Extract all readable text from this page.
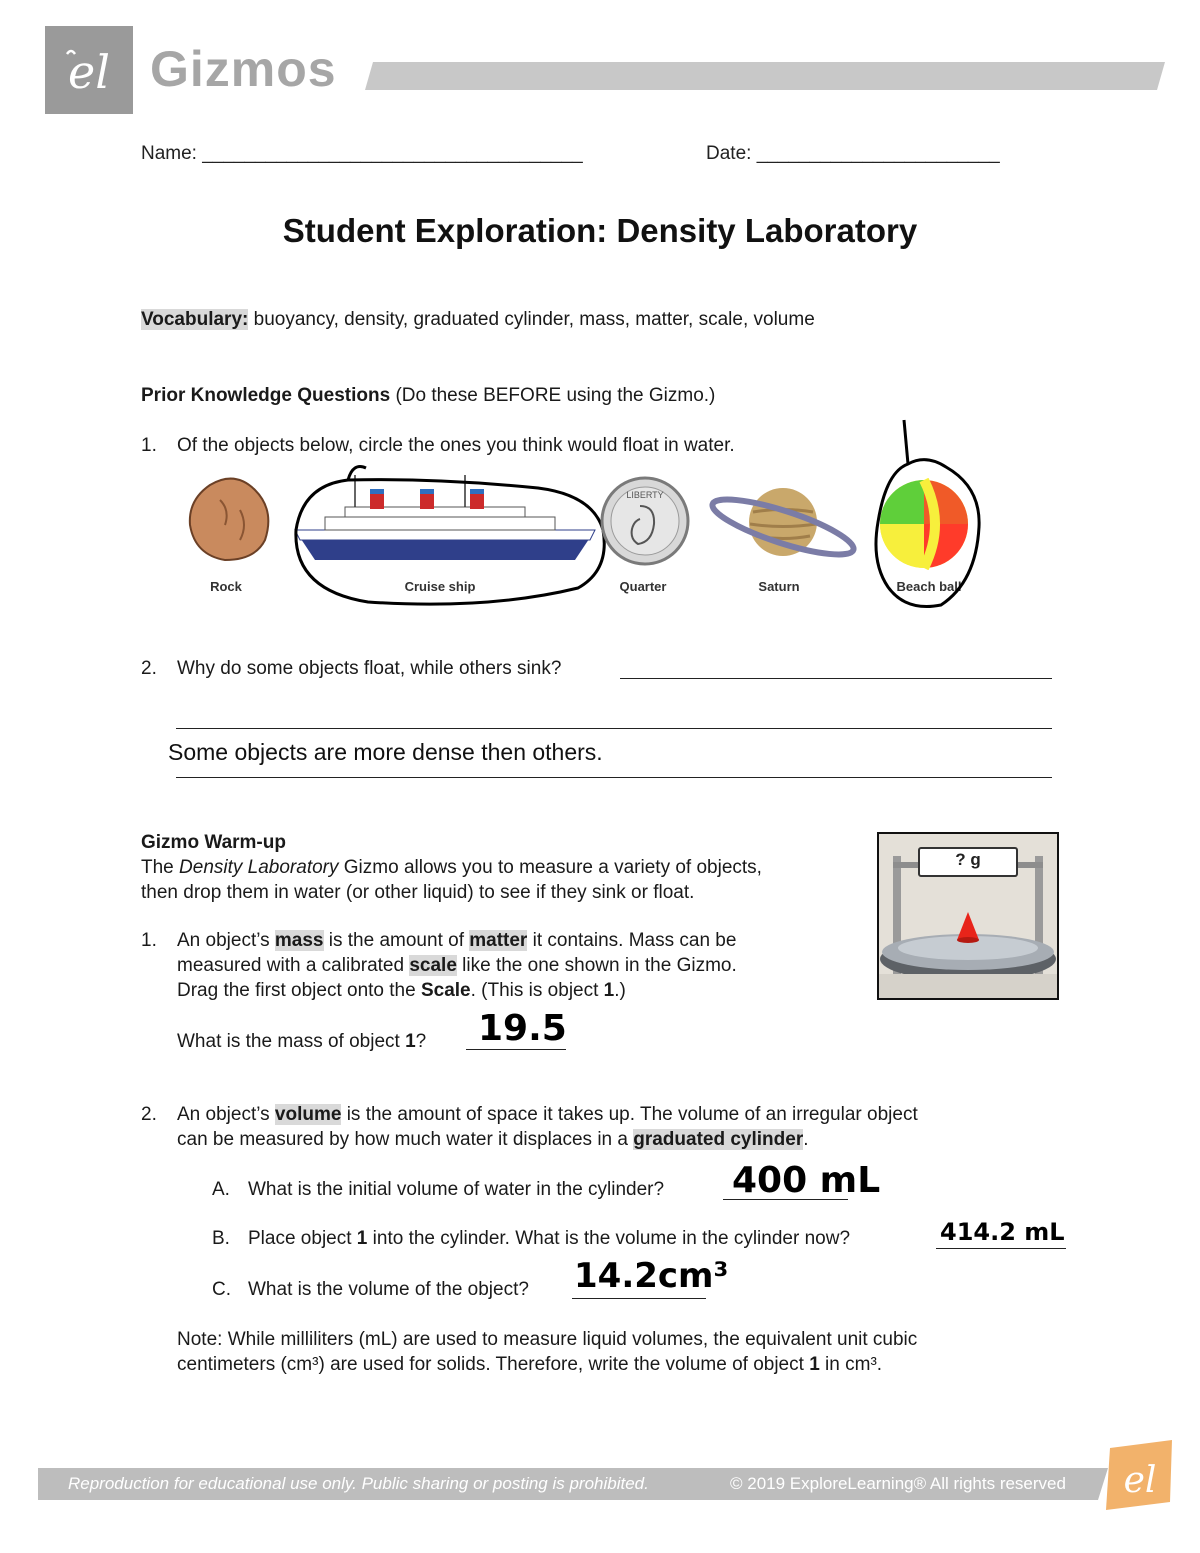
el Gizmos
Name: ____________________________________	Date: _______________________
Student Exploration: Density Laboratory
Vocabulary: buoyancy, density, graduated cylinder, mass, matter, scale, volume
Prior Knowledge Questions (Do these BEFORE using the Gizmo.)
1. Of the objects below, circle the ones you think would float in water.
Rock	Cruise ship
LIBERTY
Quarter	Saturn	Beach ball
2. Why do some objects float, while others sink?
Some objects are more dense then others.
Gizmo Warm-up
The Density Laboratory Gizmo allows you to measure a variety of objects,
then drop them in water (or other liquid) to see if they sink or float.
? g
1.	An object’s mass is the amount of matter it contains. Mass can be
measured with a calibrated scale like the one shown in the Gizmo.
Drag the first object onto the Scale. (This is object 1.)
What is the mass of object 1? 19.5
2.	An object’s volume is the amount of space it takes up. The volume of an irregular object
can be measured by how much water it displaces in a graduated cylinder.
A. What is the initial volume of water in the cylinder? 400 mL
B. Place object 1 into the cylinder. What is the volume in the cylinder now?	414.2 mL
C. What is the volume of the object? 14.2cm³
Note: While milliliters (mL) are used to measure liquid volumes, the equivalent unit cubic
centimeters (cm³) are used for solids. Therefore, write the volume of object 1 in cm³.
Reproduction for educational use only. Public sharing or posting is prohibited.	© 2019 ExploreLearning® All rights reserved el
